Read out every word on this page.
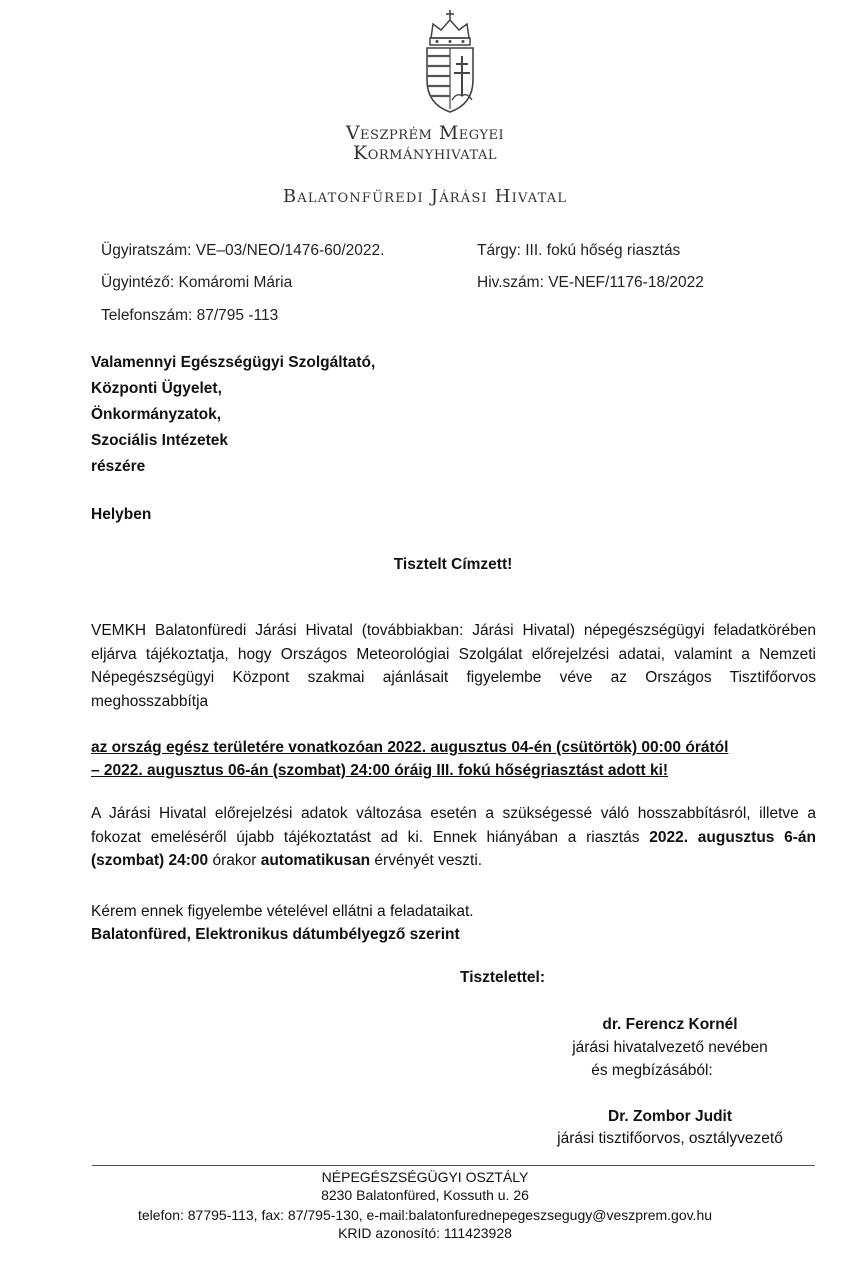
Veszprém Megyei
Kormányhivatal
Balatonfüredi Járási Hivatal
Ügyiratszám: VE–03/NEO/1476-60/2022.
Ügyintéző: Komáromi Mária
Telefonszám: 87/795 -113
Tárgy: III. fokú hőség riasztás
Hiv.szám: VE-NEF/1176-18/2022
Valamennyi Egészségügyi Szolgáltató,
Központi Ügyelet,
Önkormányzatok,
Szociális Intézetek
részére
Helyben
Tisztelt Címzett!
VEMKH Balatonfüredi Járási Hivatal (továbbiakban: Járási Hivatal) népegészségügyi feladatkörében eljárva tájékoztatja, hogy Országos Meteorológiai Szolgálat előrejelzési adatai, valamint a Nemzeti Népegészségügyi Központ szakmai ajánlásait figyelembe véve az Országos Tisztifőorvos meghosszabbítja
az ország egész területére vonatkozóan 2022. augusztus 04-én (csütörtök) 00:00 órától
– 2022. augusztus 06-án (szombat) 24:00 óráig III. fokú hőségriasztást adott ki!
A Járási Hivatal előrejelzési adatok változása esetén a szükségessé váló hosszabbításról, illetve a fokozat emeléséről újabb tájékoztatást ad ki. Ennek hiányában a riasztás 2022. augusztus 6-án (szombat) 24:00 órakor automatikusan érvényét veszti.
Kérem ennek figyelembe vételével ellátni a feladataikat.
Balatonfüred, Elektronikus dátumbélyegző szerint
Tisztelettel:
dr. Ferencz Kornél
járási hivatalvezető nevében
és megbízásából:
Dr. Zombor Judit
járási tisztifőorvos, osztályvezető
NÉPEGÉSZSÉGÜGYI OSZTÁLY
8230 Balatonfüred, Kossuth u. 26
telefon: 87795-113, fax: 87/795-130, e-mail:balatonfurednepegeszsegugy@veszprem.gov.hu
KRID azonosító: 111423928
